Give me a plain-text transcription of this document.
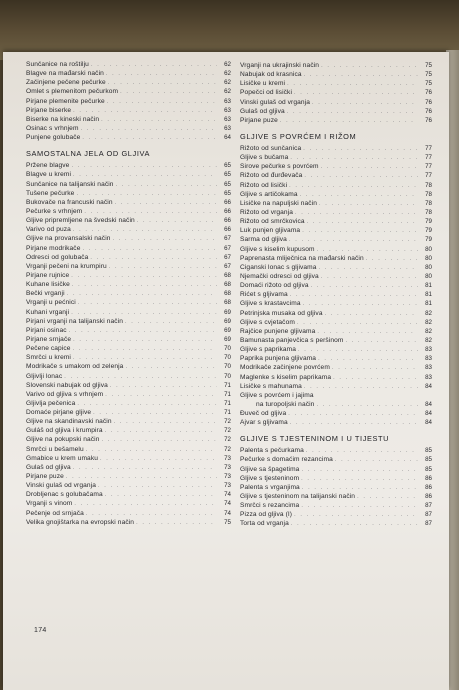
Sunčanice na roštilju . . .	62
Blagve na mađarski način . . .	62
Začinjene pečene pečurke . . .	62
Omlet s plemenitom pečurkom . . .	62
Pirjane plemenite pečurke . . .	63
Pirjane biserke . . .	63
Biserke na kineski način . . .	63
Osinac s vrhnjem . . .	63
Punjene golubače . . .	64
SAMOSTALNA JELA OD GLJIVA
Pržene blagve . . .	65
Blagve u kremi . . .	65
Sunčanice na talijanski način . . .	65
Tušene pečurke . . .	65
Bukovače na francuski način . . .	66
Pečurke s vrhnjem . . .	66
Gljive pripremljene na švedski način . . .	66
Varivo od puza . . .	66
Gljive na provansalski način . . .	67
Pirjane modrikače . . .	67
Odresci od golubača . . .	67
Vrganji pečeni na krumpiru . . .	67
Pirjane rujnice . . .	68
Kuhane lisičke . . .	68
Bečki vrganji . . .	68
Vrganji u pećnici . . .	68
Kuhani vrganji . . .	69
Pirjani vrganji na talijanski način . . .	69
Pirjani osinac . . .	69
Pirjane srnjače . . .	69
Pečene capice . . .	70
Smrčci u kremi . . .	70
Modrikače s umakom od zelenja . . .	70
Gljivlji lonac . . .	70
Slovenski nabujak od gljiva . . .	71
Varivo od gljiva s vrhnjem . . .	71
Gljivlja pečenica . . .	71
Domaće pirjane gljive . . .	71
Gljive na skandinavski način . . .	72
Guláš od gljiva i krumpira . . .	72
Gljive na pokupski način . . .	72
Smrčci u bešamelu . . .	72
Gmabice u krem umaku . . .	73
Gulaš od gljiva . . .	73
Pirjane puze . . .	73
Vinski gulaš od vrganja . . .	73
Drobljenac s golubačama . . .	74
Vrganji s vinom . . .	74
Pečenje od srnjača . . .	74
Velika gnojištarka na evropski način . . .	75
Vrganji na ukrajinski način . . .	75
Nabujak od krasnica . . .	75
Lisičke u kremi . . .	75
Popečci od lisički . . .	76
Vinski gulaš od vrganja . . .	76
Gulaš od gljiva . . .	76
Pirjane puze . . .	76
GLJIVE S POVRĆEM I RIŽOM
Rižoto od sunčanica . . .	77
Gljive s bučama . . .	77
Sirove pečurke s povrćem . . .	77
Rižoto od đurđevača . . .	77
Rižoto od lisički . . .	78
Gljive s artičokama . . .	78
Lisičke na napuljski način . . .	78
Rižoto od vrganja . . .	78
Rižoto od smrčkovica . . .	79
Luk punjen gljivama . . .	79
Sarma od gljiva . . .	79
Gljive s kiselim kupusom . . .	80
Paprenasta mliječnica na mađarski način . . .	80
Ciganski lonac s gljivama . . .	80
Njemački odresci od gljiva . . .	80
Domaći rižoto od gljiva . . .	81
Rićet s gljivama . . .	81
Gljive s krastavcima . . .	81
Petrinjska musaka od gljiva . . .	82
Gljive s cvjetačom . . .	82
Rajčice punjene gljivama . . .	82
Bamunasta panjevčica s peršinom . . .	82
Gljive s paprikama . . .	83
Paprika punjena gljivama . . .	83
Modrikače začinjene povrćem . . .	83
Maglenke s kiselim paprikama . . .	83
Lisičke s mahunama . . .	84
Gljive s povrćem i jajima
na turopoljski način . . .	84
Đuveč od gljiva . . .	84
Ajvar s gljivama . . .	84
GLJIVE S TJESTENINOM I U TIJESTU
Palenta s pečurkama . . .	85
Pečurke s domaćim rezancima . . .	85
Gljive sa špagetima . . .	85
Gljive s tjesteninom . . .	86
Palenta s vrganjima . . .	86
Gljive s tjesteninom na talijanski način . . .	86
Smrčci s rezancima . . .	87
Pizza od gljiva (I) . . .	87
Torta od vrganja . . .	87
174
